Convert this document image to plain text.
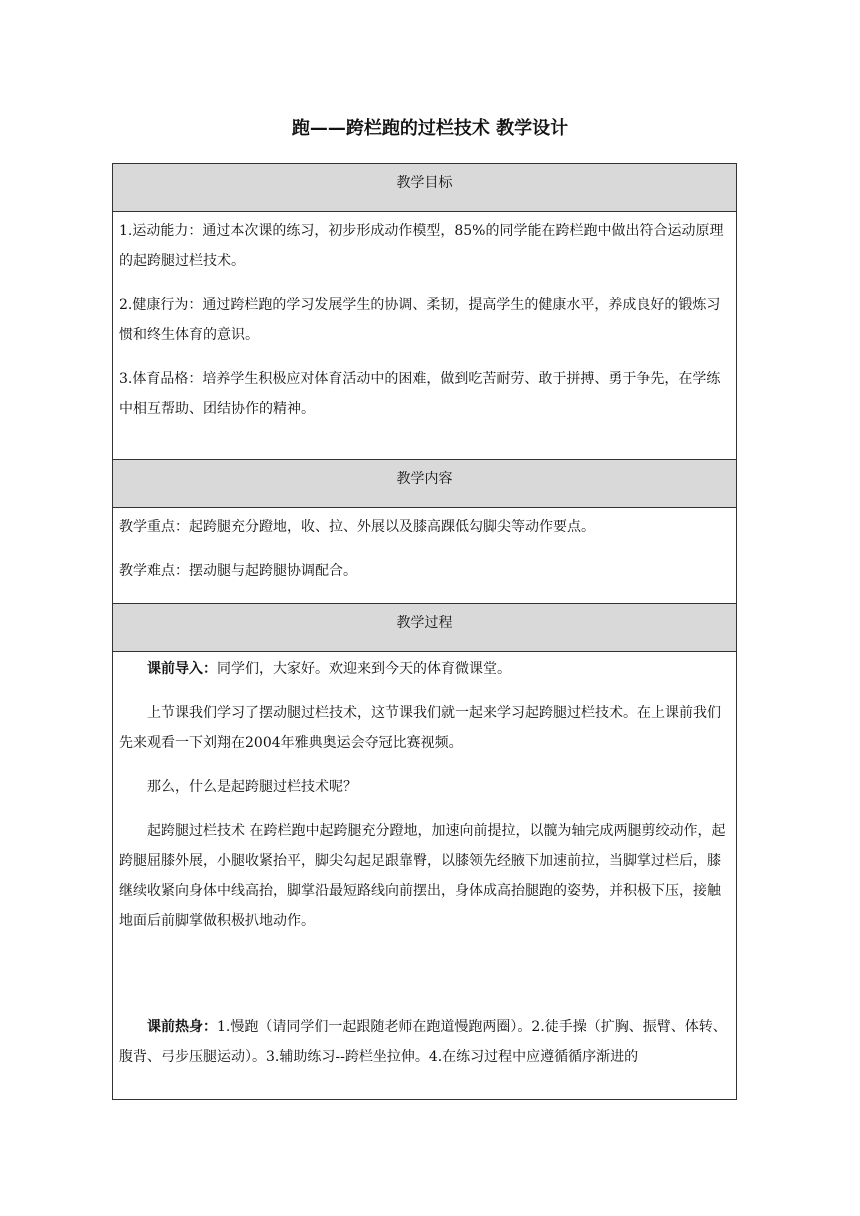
跑——跨栏跑的过栏技术 教学设计
教学目标

1.运动能力：通过本次课的练习，初步形成动作模型，85%的同学能在跨栏跑中做出符合运动原理的起跨腿过栏技术。

2.健康行为：通过跨栏跑的学习发展学生的协调、柔韧，提高学生的健康水平，养成良好的锻炼习惯和终生体育的意识。

3.体育品格：培养学生积极应对体育活动中的困难，做到吃苦耐劳、敢于拼搏、勇于争先，在学练中相互帮助、团结协作的精神。

教学内容

教学重点：起跨腿充分蹬地，收、拉、外展以及膝高踝低勾脚尖等动作要点。

教学难点：摆动腿与起跨腿协调配合。

教学过程

课前导入：同学们，大家好。欢迎来到今天的体育微课堂。

上节课我们学习了摆动腿过栏技术，这节课我们就一起来学习起跨腿过栏技术。在上课前我们先来观看一下刘翔在2004年雅典奥运会夺冠比赛视频。

那么，什么是起跨腿过栏技术呢？

起跨腿过栏技术 在跨栏跑中起跨腿充分蹬地，加速向前提拉，以髋为轴完成两腿剪绞动作，起跨腿屈膝外展，小腿收紧抬平，脚尖勾起足跟靠臀，以膝领先经腋下加速前拉，当脚掌过栏后，膝继续收紧向身体中线高抬，脚掌沿最短路线向前摆出，身体成高抬腿跑的姿势，并积极下压，接触地面后前脚掌做积极扒地动作。

课前热身：1.慢跑（请同学们一起跟随老师在跑道慢跑两圈）。2.徒手操（扩胸、振臂、体转、腹背、弓步压腿运动）。3.辅助练习--跨栏坐拉伸。4.在练习过程中应遵循循序渐进的
